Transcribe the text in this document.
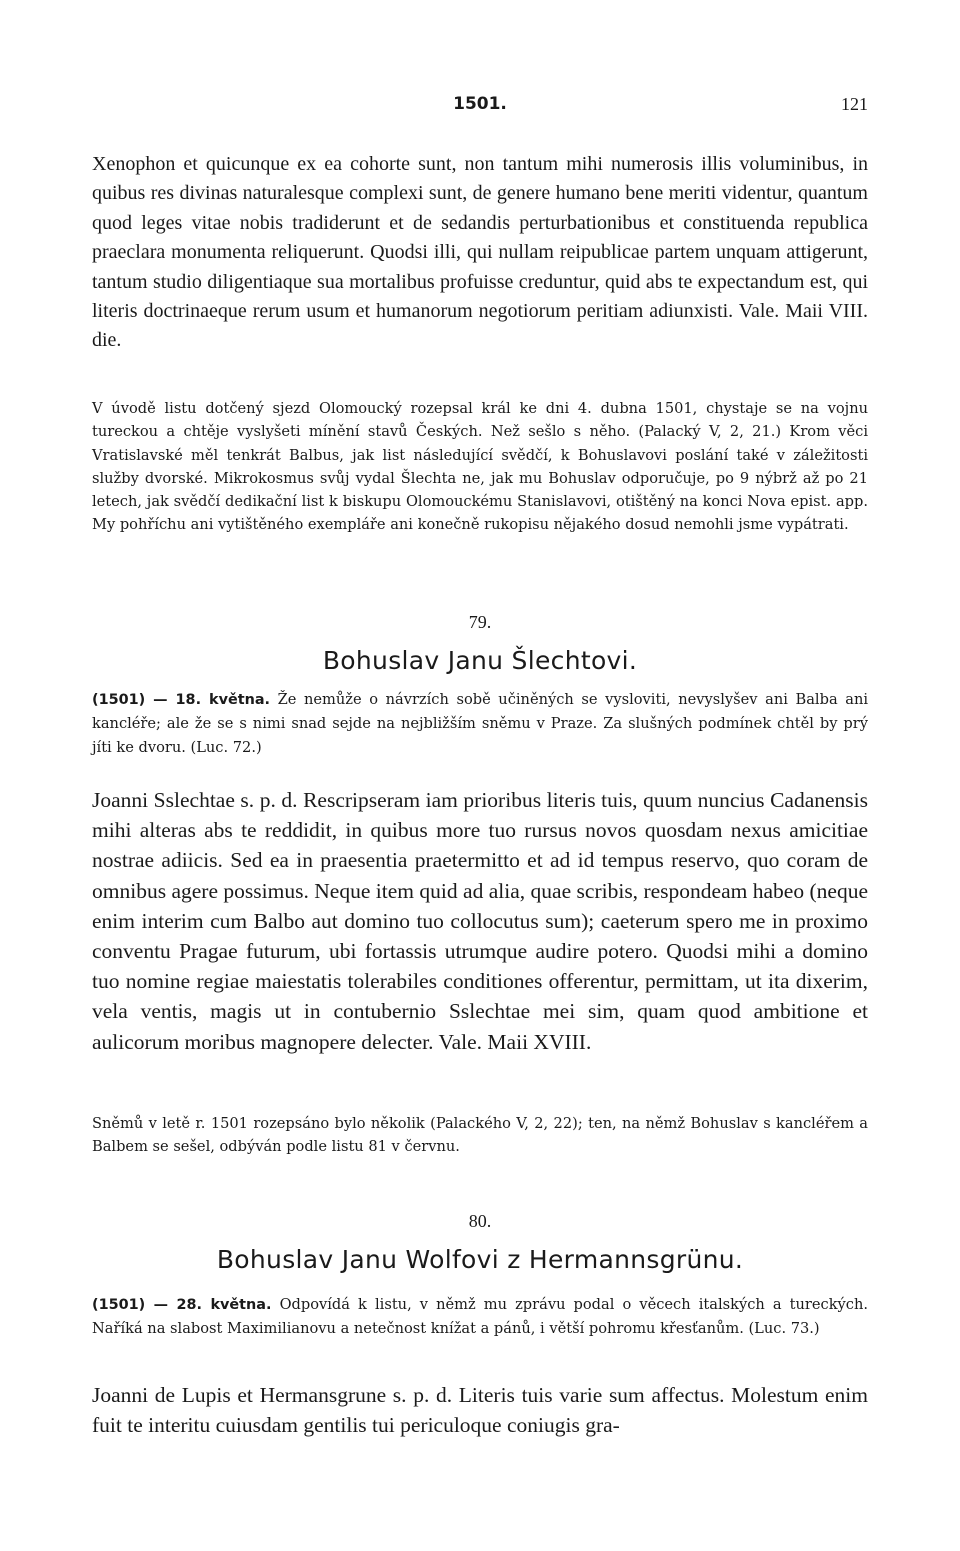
1501.	121

Xenophon et quicunque ex ea cohorte sunt, non tantum mihi numerosis illis voluminibus, in quibus res divinas naturalesque complexi sunt, de genere humano bene meriti videntur, quantum quod leges vitae nobis tradiderunt et de sedandis perturbationibus et constituenda republica praeclara monumenta reliquerunt. Quodsi illi, qui nullam reipublicae partem unquam attigerunt, tantum studio diligentiaque sua mortalibus profuisse creduntur, quid abs te expectandum est, qui literis doctrinaeque rerum usum et humanorum negotiorum peritiam adiunxisti. Vale. Maii VIII. die.

V úvodě listu dotčený sjezd Olomoucký rozepsal král ke dni 4. dubna 1501, chystaje se na vojnu tureckou a chtěje vyslyšeti mínění stavů Českých. Než sešlo s něho. (Palacký V, 2, 21.) Krom věci Vratislavské měl tenkrát Balbus, jak list následující svědčí, k Bohuslavovi poslání také v záležitosti služby dvorské. Mikrokosmus svůj vydal Šlechta ne, jak mu Bohuslav odporučuje, po 9 nýbrž až po 21 letech, jak svědčí dedikační list k biskupu Olomouckému Stanislavovi, otištěný na konci Nova epist. app. My pohříchu ani vytištěného exempláře ani konečně rukopisu nějakého dosud nemohli jsme vypátrati.

79.
Bohuslav Janu Šlechtovi.

(1501) — 18. května. Že nemůže o návrzích sobě učiněných se vysloviti, nevyslyšev ani Balba ani kancléře; ale že se s nimi snad sejde na nejbližším sněmu v Praze. Za slušných podmínek chtěl by prý jíti ke dvoru. (Luc. 72.)

Joanni Sslechtae s. p. d. Rescripseram iam prioribus literis tuis, quum nuncius Cadanensis mihi alteras abs te reddidit, in quibus more tuo rursus novos quosdam nexus amicitiae nostrae adiicis. Sed ea in praesentia praetermitto et ad id tempus reservo, quo coram de omnibus agere possimus. Neque item quid ad alia, quae scribis, respondeam habeo (neque enim interim cum Balbo aut domino tuo collocutus sum); caeterum spero me in proximo conventu Pragae futurum, ubi fortassis utrumque audire potero. Quodsi mihi a domino tuo nomine regiae maiestatis tolerabiles conditiones offerentur, permittam, ut ita dixerim, vela ventis, magis ut in contubernio Sslechtae mei sim, quam quod ambitione et aulicorum moribus magnopere delecter. Vale. Maii XVIII.

Sněmů v letě r. 1501 rozepsáno bylo několik (Palackého V, 2, 22); ten, na němž Bohuslav s kancléřem a Balbem se sešel, odbýván podle listu 81 v červnu.

80.
Bohuslav Janu Wolfovi z Hermannsgrünu.

(1501) — 28. května. Odpovídá k listu, v němž mu zprávu podal o věcech italských a tureckých. Naříká na slabost Maximilianovu a netečnost knížat a pánů, i větší pohromu křesťanům. (Luc. 73.)

Joanni de Lupis et Hermansgrune s. p. d. Literis tuis varie sum affectus. Molestum enim fuit te interitu cuiusdam gentilis tui periculoque coniugis gra-
